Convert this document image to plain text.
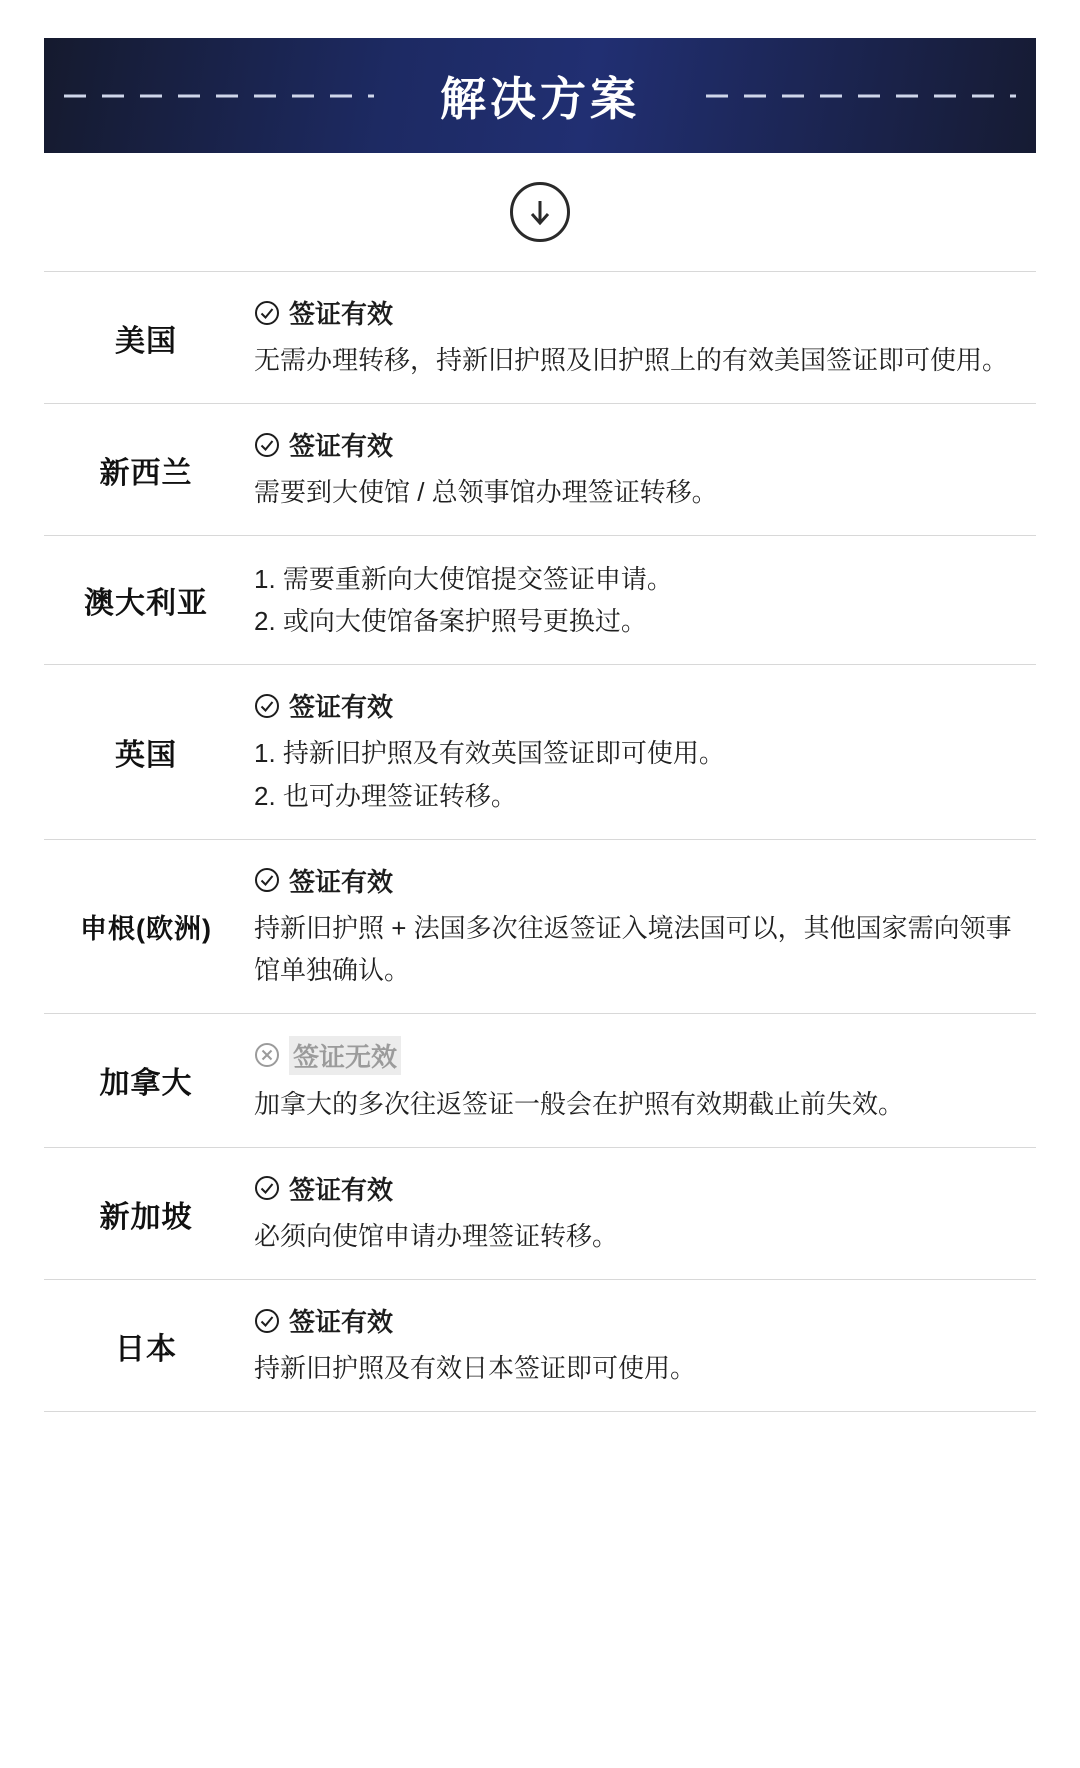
解决方案
美国
签证有效
无需办理转移，持新旧护照及旧护照上的有效美国签证即可使用。
新西兰
签证有效
需要到大使馆 / 总领事馆办理签证转移。
澳大利亚
1. 需要重新向大使馆提交签证申请。
2. 或向大使馆备案护照号更换过。
英国
签证有效
1. 持新旧护照及有效英国签证即可使用。
2. 也可办理签证转移。
申根(欧洲)
签证有效
持新旧护照 + 法国多次往返签证入境法国可以，其他国家需向领事馆单独确认。
加拿大
签证无效
加拿大的多次往返签证一般会在护照有效期截止前失效。
新加坡
签证有效
必须向使馆申请办理签证转移。
日本
签证有效
持新旧护照及有效日本签证即可使用。
